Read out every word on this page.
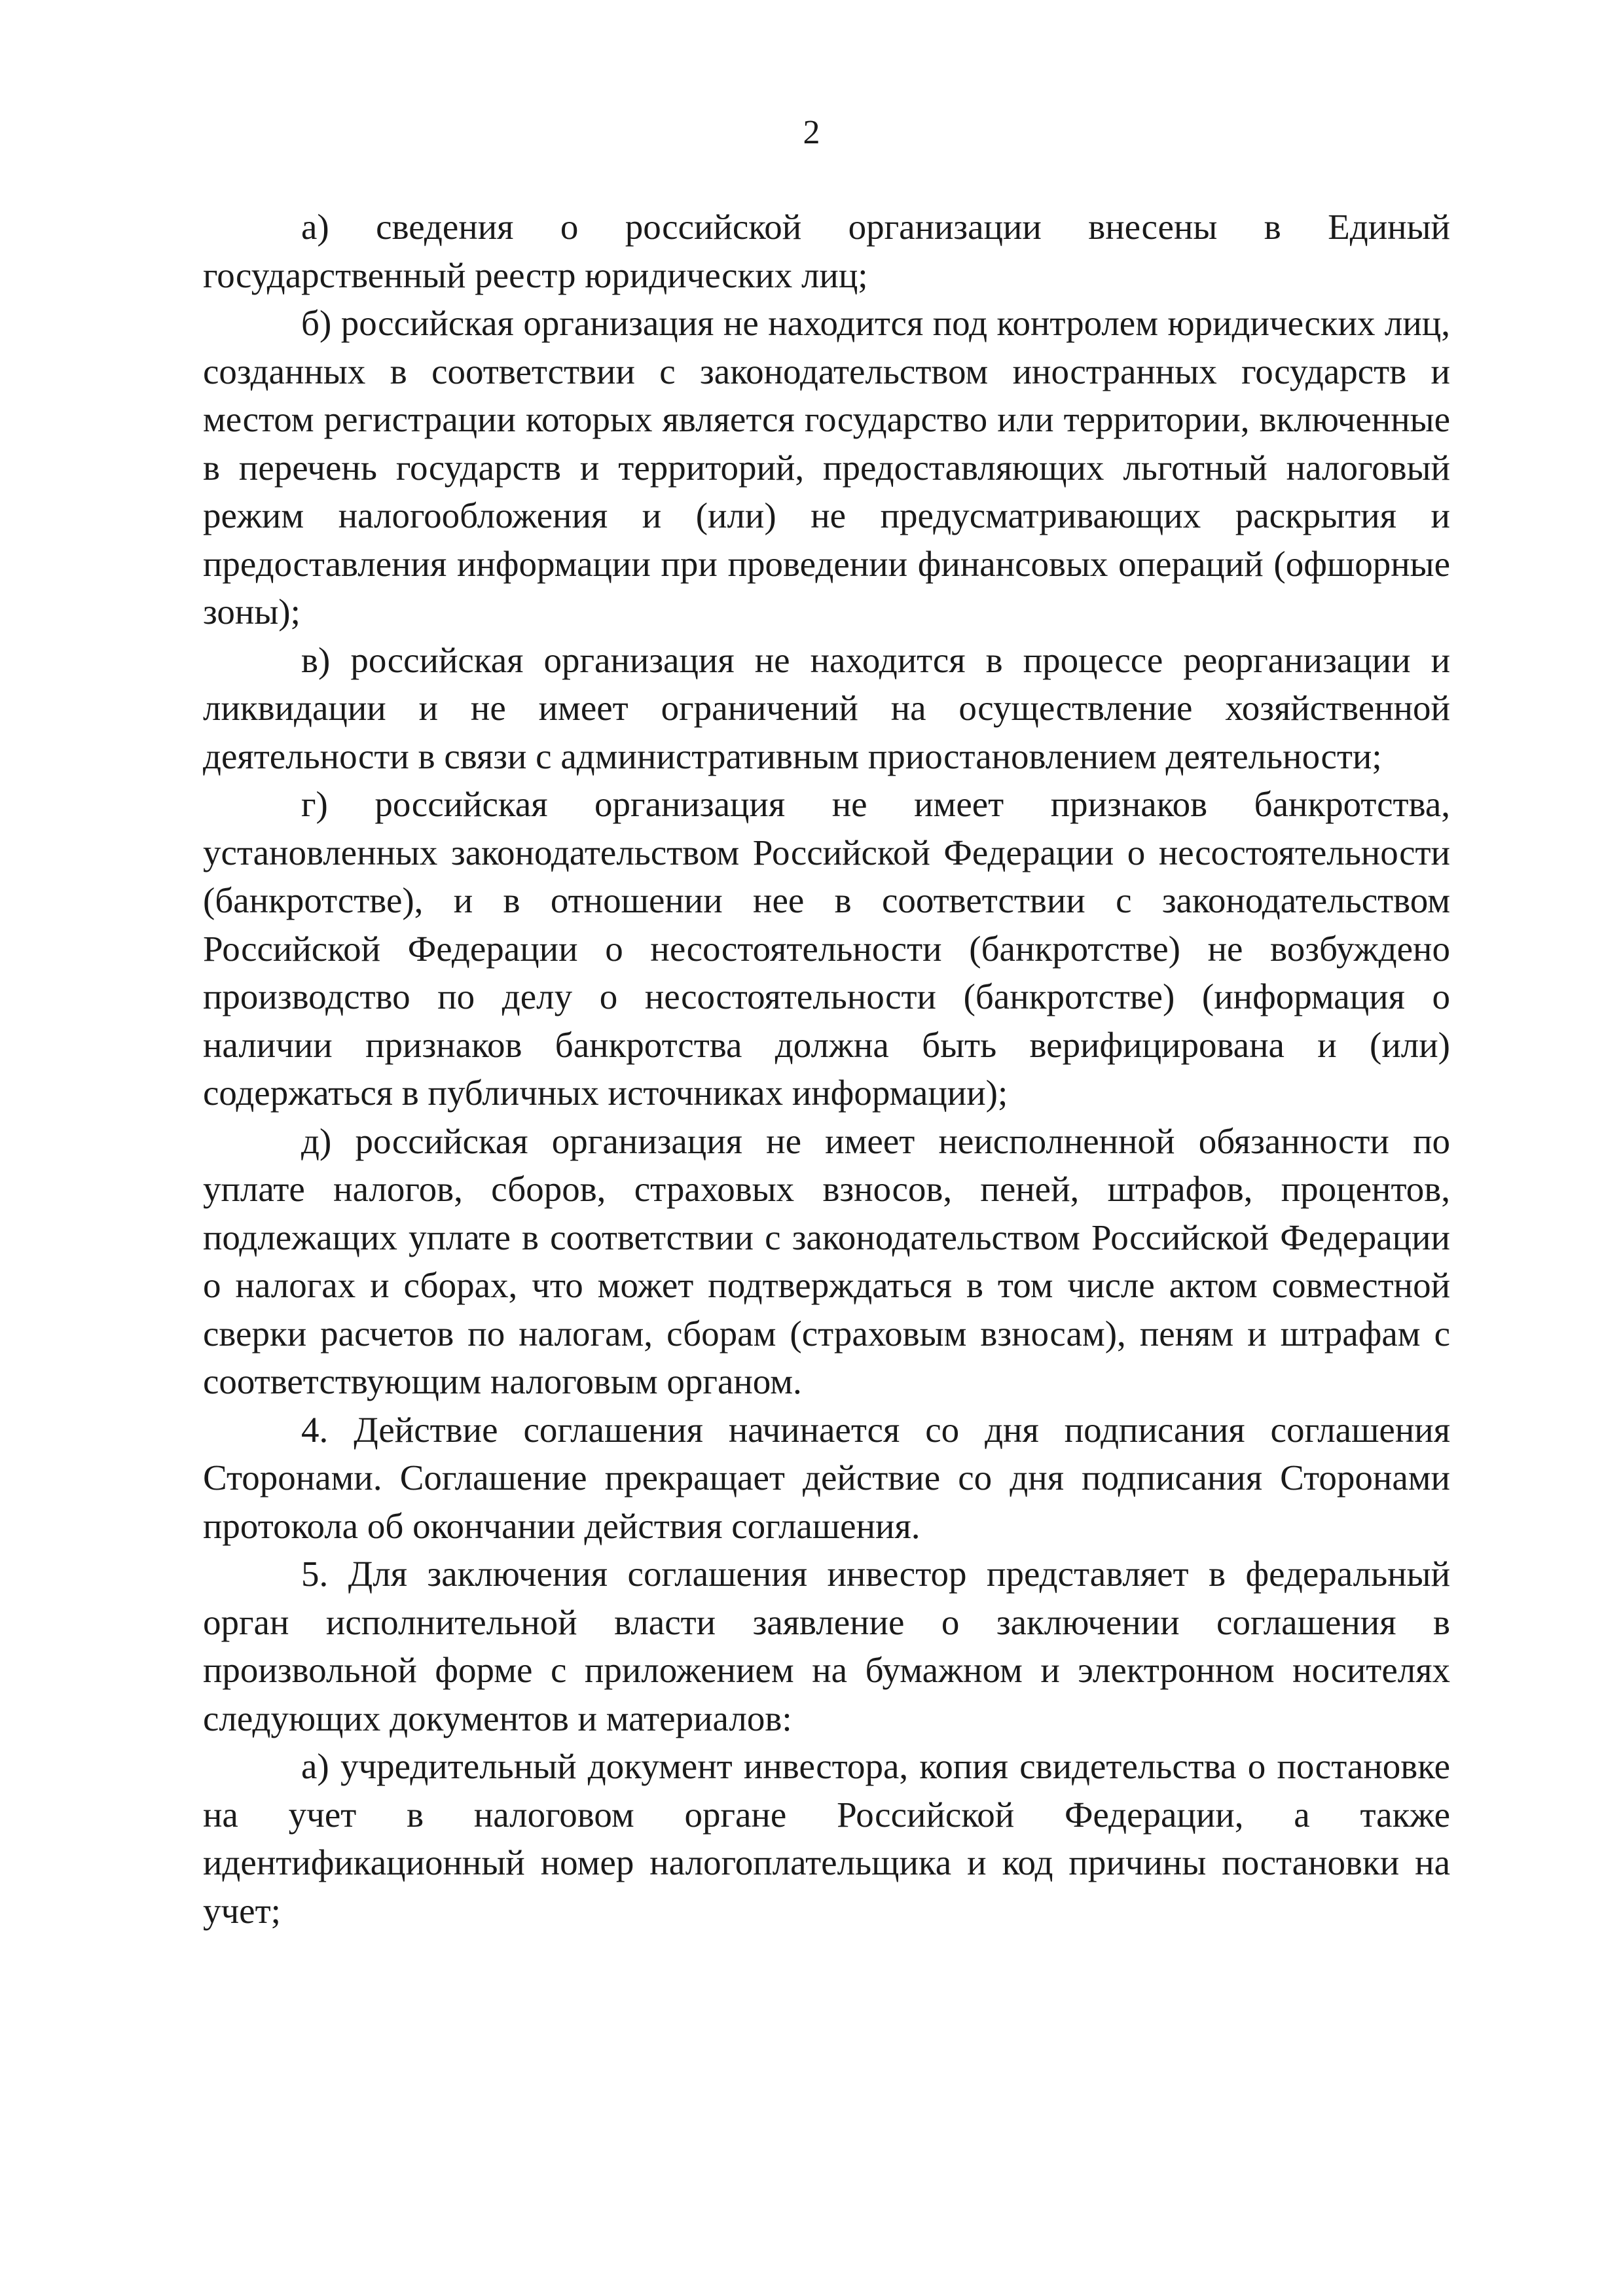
2

а) сведения о российской организации внесены в Единый государственный реестр юридических лиц;

б) российская организация не находится под контролем юридических лиц, созданных в соответствии с законодательством иностранных государств и местом регистрации которых является государство или территории, включенные в перечень государств и территорий, предоставляющих льготный налоговый режим налогообложения и (или) не предусматривающих раскрытия и предоставления информации при проведении финансовых операций (офшорные зоны);

в) российская организация не находится в процессе реорганизации и ликвидации и не имеет ограничений на осуществление хозяйственной деятельности в связи с административным приостановлением деятельности;

г) российская организация не имеет признаков банкротства, установленных законодательством Российской Федерации о несостоятельности (банкротстве), и в отношении нее в соответствии с законодательством Российской Федерации о несостоятельности (банкротстве) не возбуждено производство по делу о несостоятельности (банкротстве) (информация о наличии признаков банкротства должна быть верифицирована и (или) содержаться в публичных источниках информации);

д) российская организация не имеет неисполненной обязанности по уплате налогов, сборов, страховых взносов, пеней, штрафов, процентов, подлежащих уплате в соответствии с законодательством Российской Федерации о налогах и сборах, что может подтверждаться в том числе актом совместной сверки расчетов по налогам, сборам (страховым взносам), пеням и штрафам с соответствующим налоговым органом.

4. Действие соглашения начинается со дня подписания соглашения Сторонами. Соглашение прекращает действие со дня подписания Сторонами протокола об окончании действия соглашения.

5. Для заключения соглашения инвестор представляет в федеральный орган исполнительной власти заявление о заключении соглашения в произвольной форме с приложением на бумажном и электронном носителях следующих документов и материалов:

а) учредительный документ инвестора, копия свидетельства о постановке на учет в налоговом органе Российской Федерации, а также идентификационный номер налогоплательщика и код причины постановки на учет;
